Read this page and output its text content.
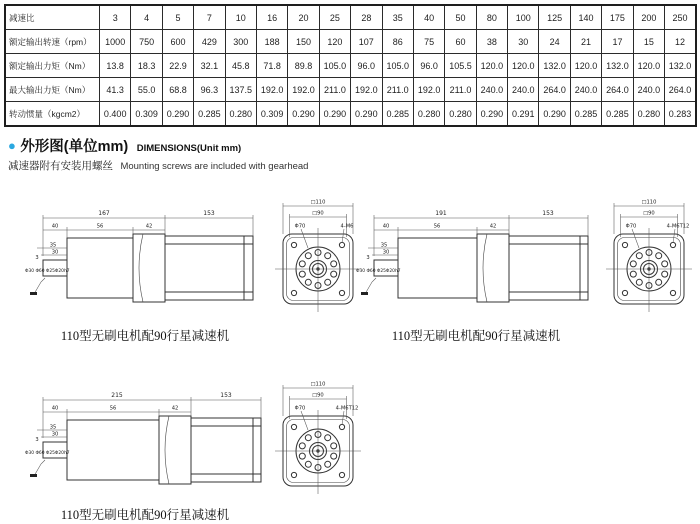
减速比	3	4	5	7	10	16	20	25	28	35	40	50	80	100	125	140	175	200	250
额定输出转速（rpm）	1000	750	600	429	300	188	150	120	107	86	75	60	38	30	24	21	17	15	12
额定输出力矩（Nm）	13.8	18.3	22.9	32.1	45.8	71.8	89.8	105.0	96.0	105.0	96.0	105.5	120.0	120.0	132.0	120.0	132.0	120.0	132.0
最大输出力矩（Nm）	41.3	55.0	68.8	96.3	137.5	192.0	192.0	211.0	192.0	211.0	192.0	211.0	240.0	240.0	264.0	240.0	264.0	240.0	264.0
转动惯量（kgcm2）	0.400	0.309	0.290	0.285	0.280	0.309	0.290	0.290	0.290	0.285	0.280	0.280	0.290	0.291	0.290	0.285	0.285	0.280	0.283
● 外形图(单位mm) DIMENSIONS(Unit mm)
减速器附有安装用螺丝 Mounting screws are included with gearhead
167	153
40	56	42
35
30
3
Φ30 Φ60 Φ25Φ20h7
□110
□90
Φ70	4-M6
110型无刷电机配90行星减速机
191	153
40	56	42
35
30
3
Φ30 Φ60 Φ25Φ20h7
□110
□90
Φ70	4-M6T12
110型无刷电机配90行星减速机
215	153
40	56	42
35
30
3
Φ30 Φ60 Φ25Φ20h7
□110
□90
Φ70	4-M6T12
110型无刷电机配90行星减速机
